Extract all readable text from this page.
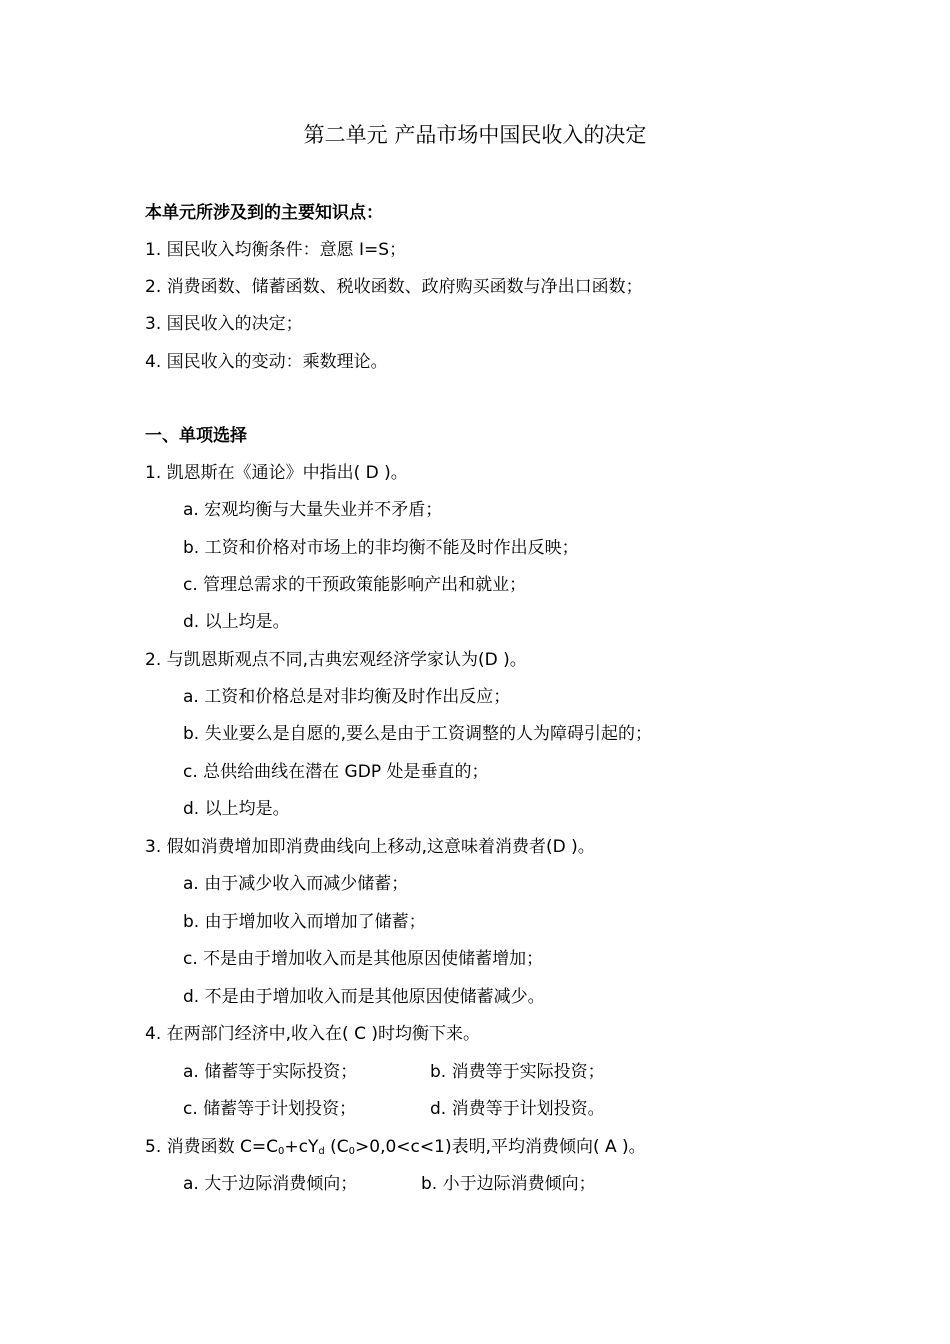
第二单元 产品市场中国民收入的决定
本单元所涉及到的主要知识点：
1. 国民收入均衡条件：意愿 I=S；
2. 消费函数、储蓄函数、税收函数、政府购买函数与净出口函数；
3. 国民收入的决定；
4. 国民收入的变动：乘数理论。
一、单项选择
1. 凯恩斯在《通论》中指出( D )。
a. 宏观均衡与大量失业并不矛盾；
b. 工资和价格对市场上的非均衡不能及时作出反映；
c. 管理总需求的干预政策能影响产出和就业；
d. 以上均是。
2. 与凯恩斯观点不同,古典宏观经济学家认为(D )。
a. 工资和价格总是对非均衡及时作出反应；
b. 失业要么是自愿的,要么是由于工资调整的人为障碍引起的；
c. 总供给曲线在潜在 GDP 处是垂直的；
d. 以上均是。
3. 假如消费增加即消费曲线向上移动,这意味着消费者(D )。
a. 由于减少收入而减少储蓄；
b. 由于增加收入而增加了储蓄；
c. 不是由于增加收入而是其他原因使储蓄增加；
d. 不是由于增加收入而是其他原因使储蓄减少。
4. 在两部门经济中,收入在( C )时均衡下来。
a. 储蓄等于实际投资；	b. 消费等于实际投资；
c. 储蓄等于计划投资；	d. 消费等于计划投资。
5. 消费函数 $C=C_0+cY_d$ $(C_0>0,0<c<1)$表明,平均消费倾向( A )。
a. 大于边际消费倾向；	b. 小于边际消费倾向；
